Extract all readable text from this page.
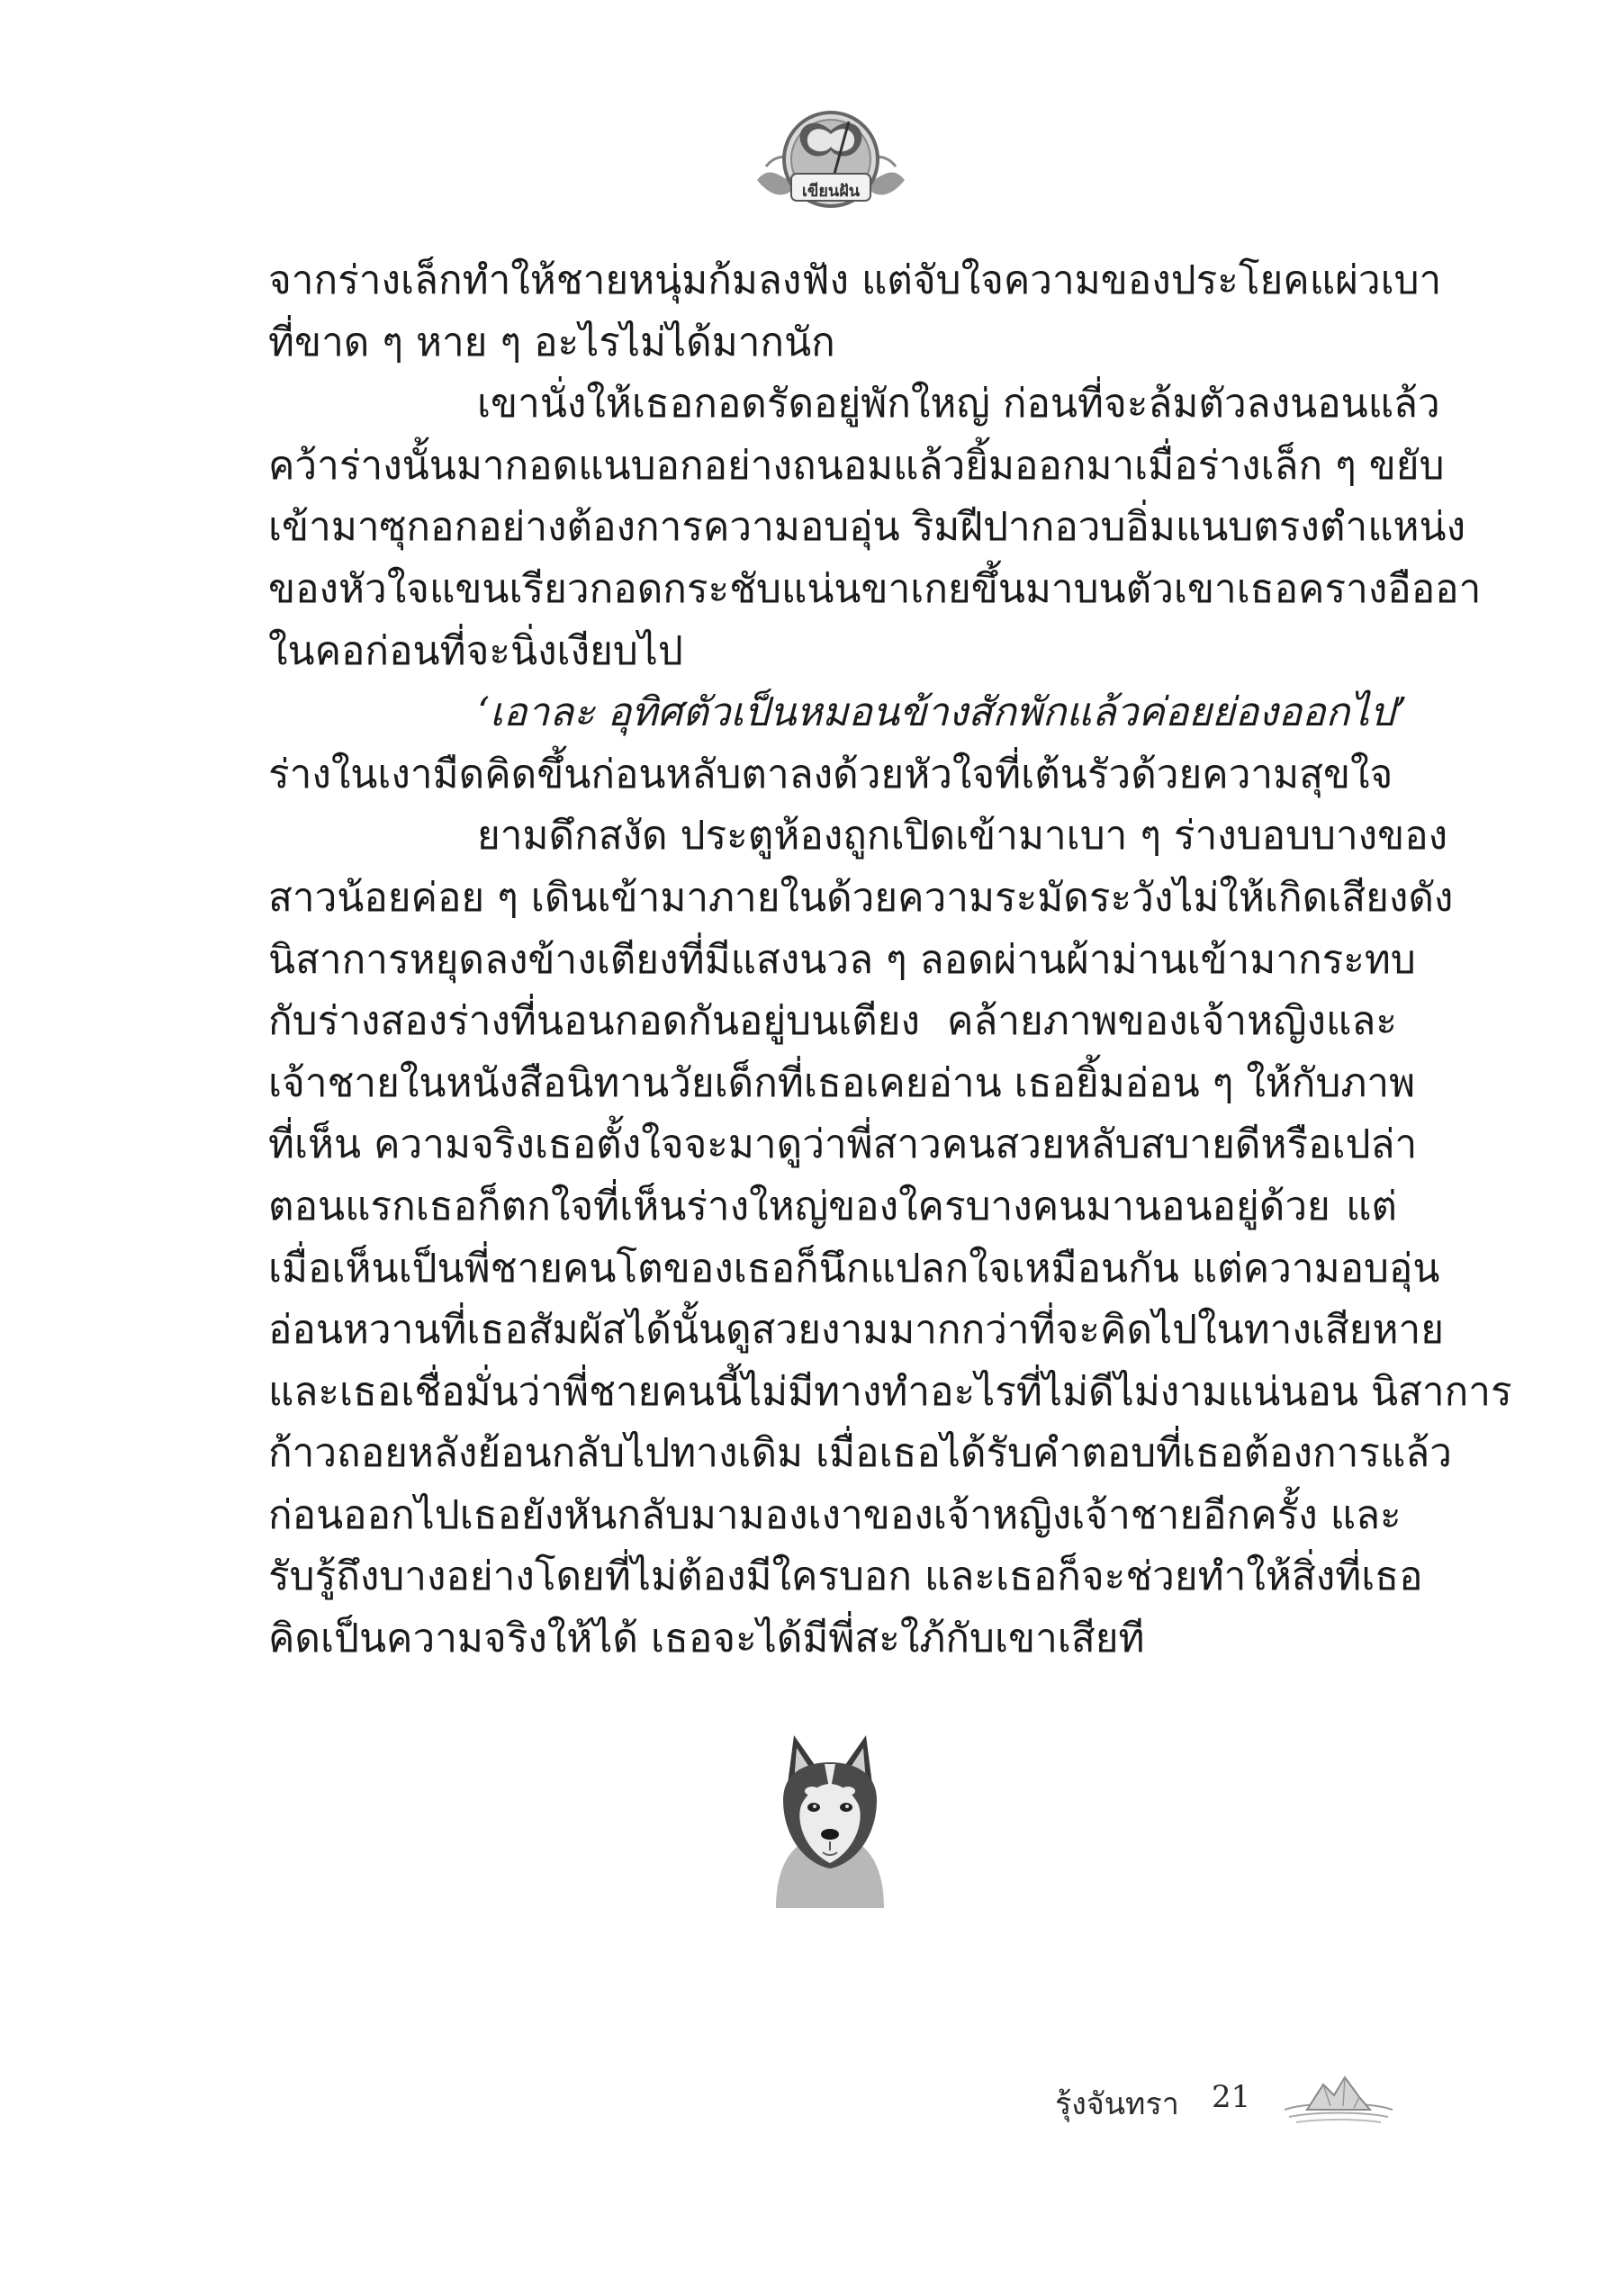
เขียนฝัน
จากร่างเล็กทำให้ชายหนุ่มก้มลงฟัง แต่จับใจความของประโยคแผ่วเบา
ที่ขาด ๆ หาย ๆ อะไรไม่ได้มากนัก
เขานั่งให้เธอกอดรัดอยู่พักใหญ่ ก่อนที่จะล้มตัวลงนอนแล้ว
คว้าร่างนั้นมากอดแนบอกอย่างถนอมแล้วยิ้มออกมาเมื่อร่างเล็ก ๆ ขยับ
เข้ามาซุกอกอย่างต้องการความอบอุ่น ริมฝีปากอวบอิ่มแนบตรงตำแหน่ง
ของหัวใจแขนเรียวกอดกระชับแน่นขาเกยขึ้นมาบนตัวเขาเธอครางอืออา
ในคอก่อนที่จะนิ่งเงียบไป
‘เอาละ อุทิศตัวเป็นหมอนข้างสักพักแล้วค่อยย่องออกไป’
ร่างในเงามืดคิดขึ้นก่อนหลับตาลงด้วยหัวใจที่เต้นรัวด้วยความสุขใจ
ยามดึกสงัด ประตูห้องถูกเปิดเข้ามาเบา ๆ ร่างบอบบางของ
สาวน้อยค่อย ๆ เดินเข้ามาภายในด้วยความระมัดระวังไม่ให้เกิดเสียงดัง
นิสาการหยุดลงข้างเตียงที่มีแสงนวล ๆ ลอดผ่านผ้าม่านเข้ามากระทบ
กับร่างสองร่างที่นอนกอดกันอยู่บนเตียง คล้ายภาพของเจ้าหญิงและ
เจ้าชายในหนังสือนิทานวัยเด็กที่เธอเคยอ่าน เธอยิ้มอ่อน ๆ ให้กับภาพ
ที่เห็น ความจริงเธอตั้งใจจะมาดูว่าพี่สาวคนสวยหลับสบายดีหรือเปล่า
ตอนแรกเธอก็ตกใจที่เห็นร่างใหญ่ของใครบางคนมานอนอยู่ด้วย แต่
เมื่อเห็นเป็นพี่ชายคนโตของเธอก็นึกแปลกใจเหมือนกัน แต่ความอบอุ่น
อ่อนหวานที่เธอสัมผัสได้นั้นดูสวยงามมากกว่าที่จะคิดไปในทางเสียหาย
และเธอเชื่อมั่นว่าพี่ชายคนนี้ไม่มีทางทำอะไรที่ไม่ดีไม่งามแน่นอน นิสาการ
ก้าวถอยหลังย้อนกลับไปทางเดิม เมื่อเธอได้รับคำตอบที่เธอต้องการแล้ว
ก่อนออกไปเธอยังหันกลับมามองเงาของเจ้าหญิงเจ้าชายอีกครั้ง และ
รับรู้ถึงบางอย่างโดยที่ไม่ต้องมีใครบอก และเธอก็จะช่วยทำให้สิ่งที่เธอ
คิดเป็นความจริงให้ได้ เธอจะได้มีพี่สะใภ้กับเขาเสียที
รุ้งจันทรา 21
